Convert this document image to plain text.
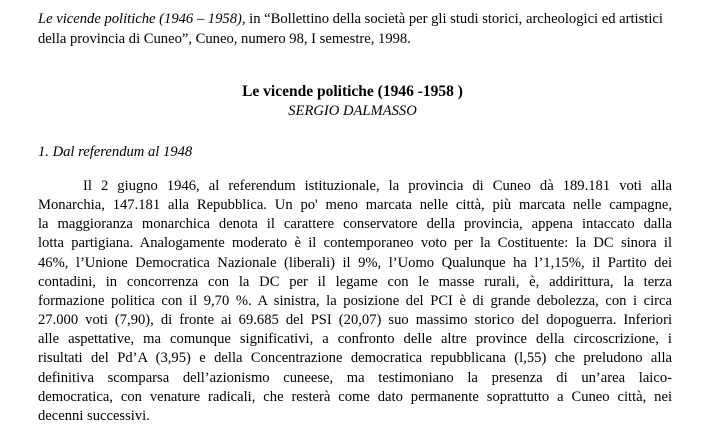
Le vicende politiche (1946 – 1958), in “Bollettino della società per gli studi storici, archeologici ed artistici della provincia di Cuneo”, Cuneo, numero 98, I semestre, 1998.
Le vicende politiche (1946 -1958 )
SERGIO DALMASSO
1. Dal referendum al 1948
Il 2 giugno 1946, al referendum istituzionale, la provincia di Cuneo dà 189.181 voti alla
Monarchia, 147.181 alla Repubblica. Un po' meno marcata nelle città, più marcata nelle campagne,
la maggioranza monarchica denota il carattere conservatore della provincia, appena intaccato dalla
lotta partigiana. Analogamente moderato è il contemporaneo voto per la Costituente: la DC sinora il
46%, l’Unione Democratica Nazionale (liberali) il 9%, l’Uomo Qualunque ha l’1,15%, il Partito dei
contadini, in concorrenza con la DC per il legame con le masse rurali, è, addirittura, la terza
formazione politica con il 9,70 %. A sinistra, la posizione del PCI è di grande debolezza, con i circa
27.000 voti (7,90), di fronte ai 69.685 del PSI (20,07) suo massimo storico del dopoguerra. Inferiori
alle aspettative, ma comunque significativi, a confronto delle altre province della circoscrizione, i
risultati del Pd’A (3,95) e della Concentrazione democratica repubblicana (l,55) che preludono alla
definitiva scomparsa dell’azionismo cuneese, ma testimoniano la presenza di un’area laico-
democratica, con venature radicali, che resterà come dato permanente soprattutto a Cuneo città, nei
decenni successivi.
